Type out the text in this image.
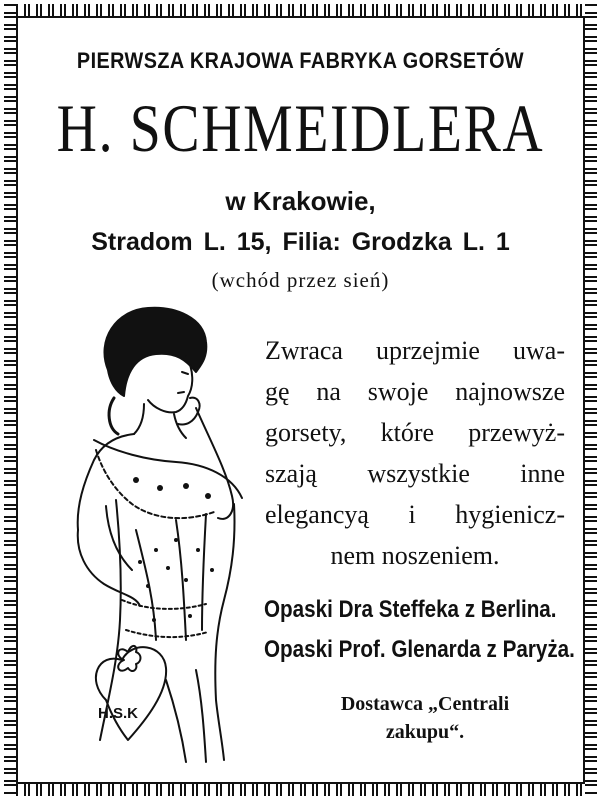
PIERWSZA KRAJOWA FABRYKA GORSETÓW
H. SCHMEIDLERA
w Krakowie,
Stradom L. 15, Filia: Grodzka L. 1
(wchód przez sień)
H.S.K
Zwraca uprzejmie uwa-
gę na swoje najnowsze
gorsety, które przewyż-
szają wszystkie inne
elegancyą i hygienicz-
nem noszeniem.
Opaski Dra Steffeka z Berlina.
Opaski Prof. Glenarda z Paryża.
Dostawca „Centrali
zakupu“.
